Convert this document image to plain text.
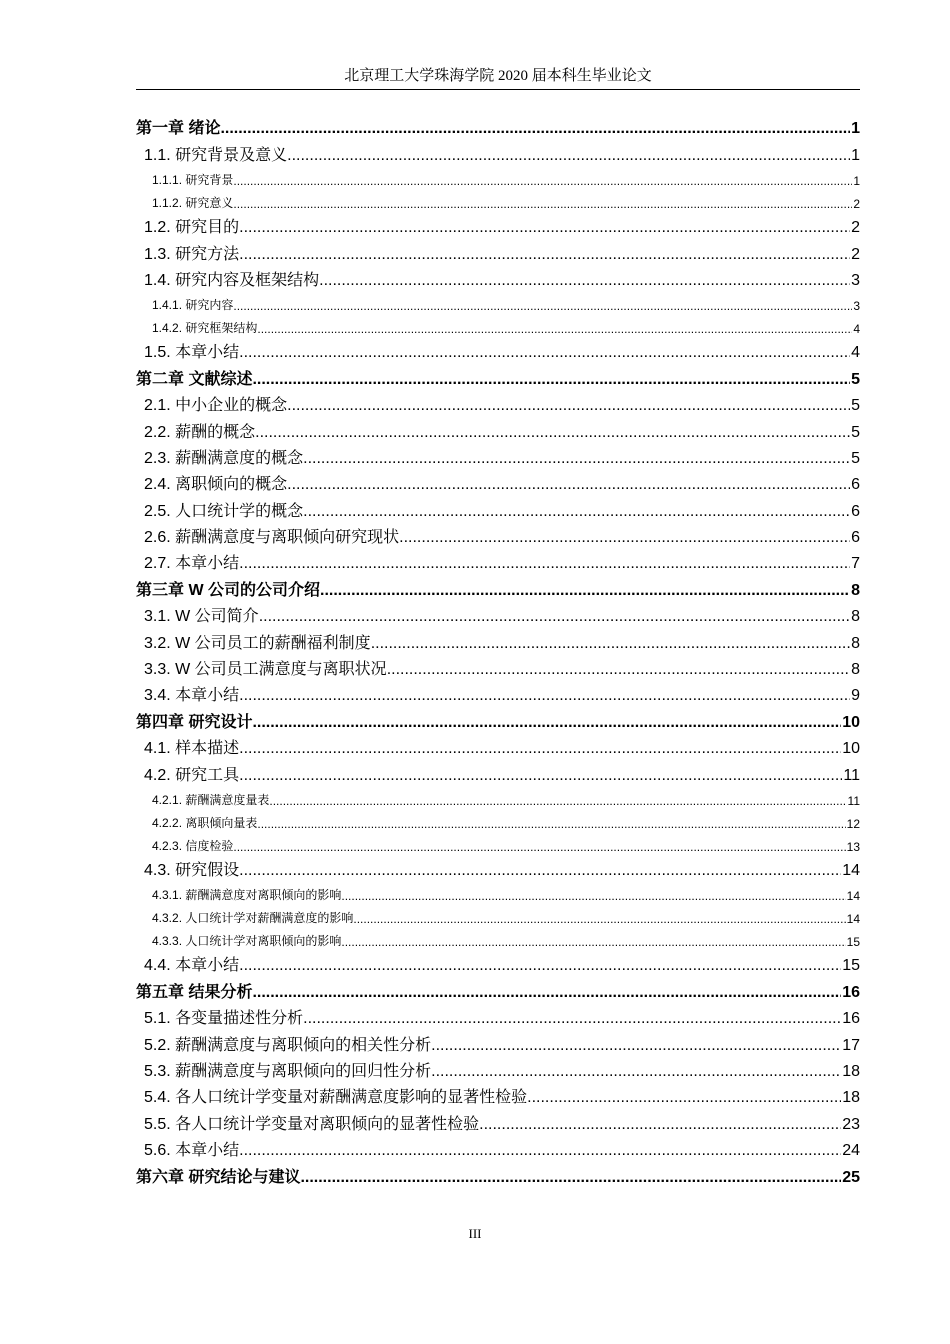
北京理工大学珠海学院 2020 届本科生毕业论文
第一章 绪论 .....	1
1.1. 研究背景及意义 .....	1
1.1.1. 研究背景 .....	1
1.1.2. 研究意义 .....	2
1.2. 研究目的 .....	2
1.3. 研究方法 .....	2
1.4. 研究内容及框架结构 .....	3
1.4.1. 研究内容 .....	3
1.4.2. 研究框架结构 .....	4
1.5. 本章小结 .....	4
第二章 文献综述 .....	5
2.1. 中小企业的概念 .....	5
2.2. 薪酬的概念 .....	5
2.3. 薪酬满意度的概念 .....	5
2.4. 离职倾向的概念 .....	6
2.5. 人口统计学的概念 .....	6
2.6. 薪酬满意度与离职倾向研究现状 .....	6
2.7. 本章小结 .....	7
第三章 W 公司的公司介绍 .....	8
3.1. W 公司简介 .....	8
3.2. W 公司员工的薪酬福利制度 .....	8
3.3. W 公司员工满意度与离职状况 .....	8
3.4. 本章小结 .....	9
第四章 研究设计 .....	10
4.1. 样本描述 .....	10
4.2. 研究工具 .....	11
4.2.1. 薪酬满意度量表 .....	11
4.2.2. 离职倾向量表 .....	12
4.2.3. 信度检验 .....	13
4.3. 研究假设 .....	14
4.3.1. 薪酬满意度对离职倾向的影响 .....	14
4.3.2. 人口统计学对薪酬满意度的影响 .....	14
4.3.3. 人口统计学对离职倾向的影响 .....	15
4.4. 本章小结 .....	15
第五章 结果分析 .....	16
5.1. 各变量描述性分析 .....	16
5.2. 薪酬满意度与离职倾向的相关性分析 .....	17
5.3. 薪酬满意度与离职倾向的回归性分析 .....	18
5.4. 各人口统计学变量对薪酬满意度影响的显著性检验 .....	18
5.5. 各人口统计学变量对离职倾向的显著性检验 .....	23
5.6. 本章小结 .....	24
第六章 研究结论与建议 .....	25
III
